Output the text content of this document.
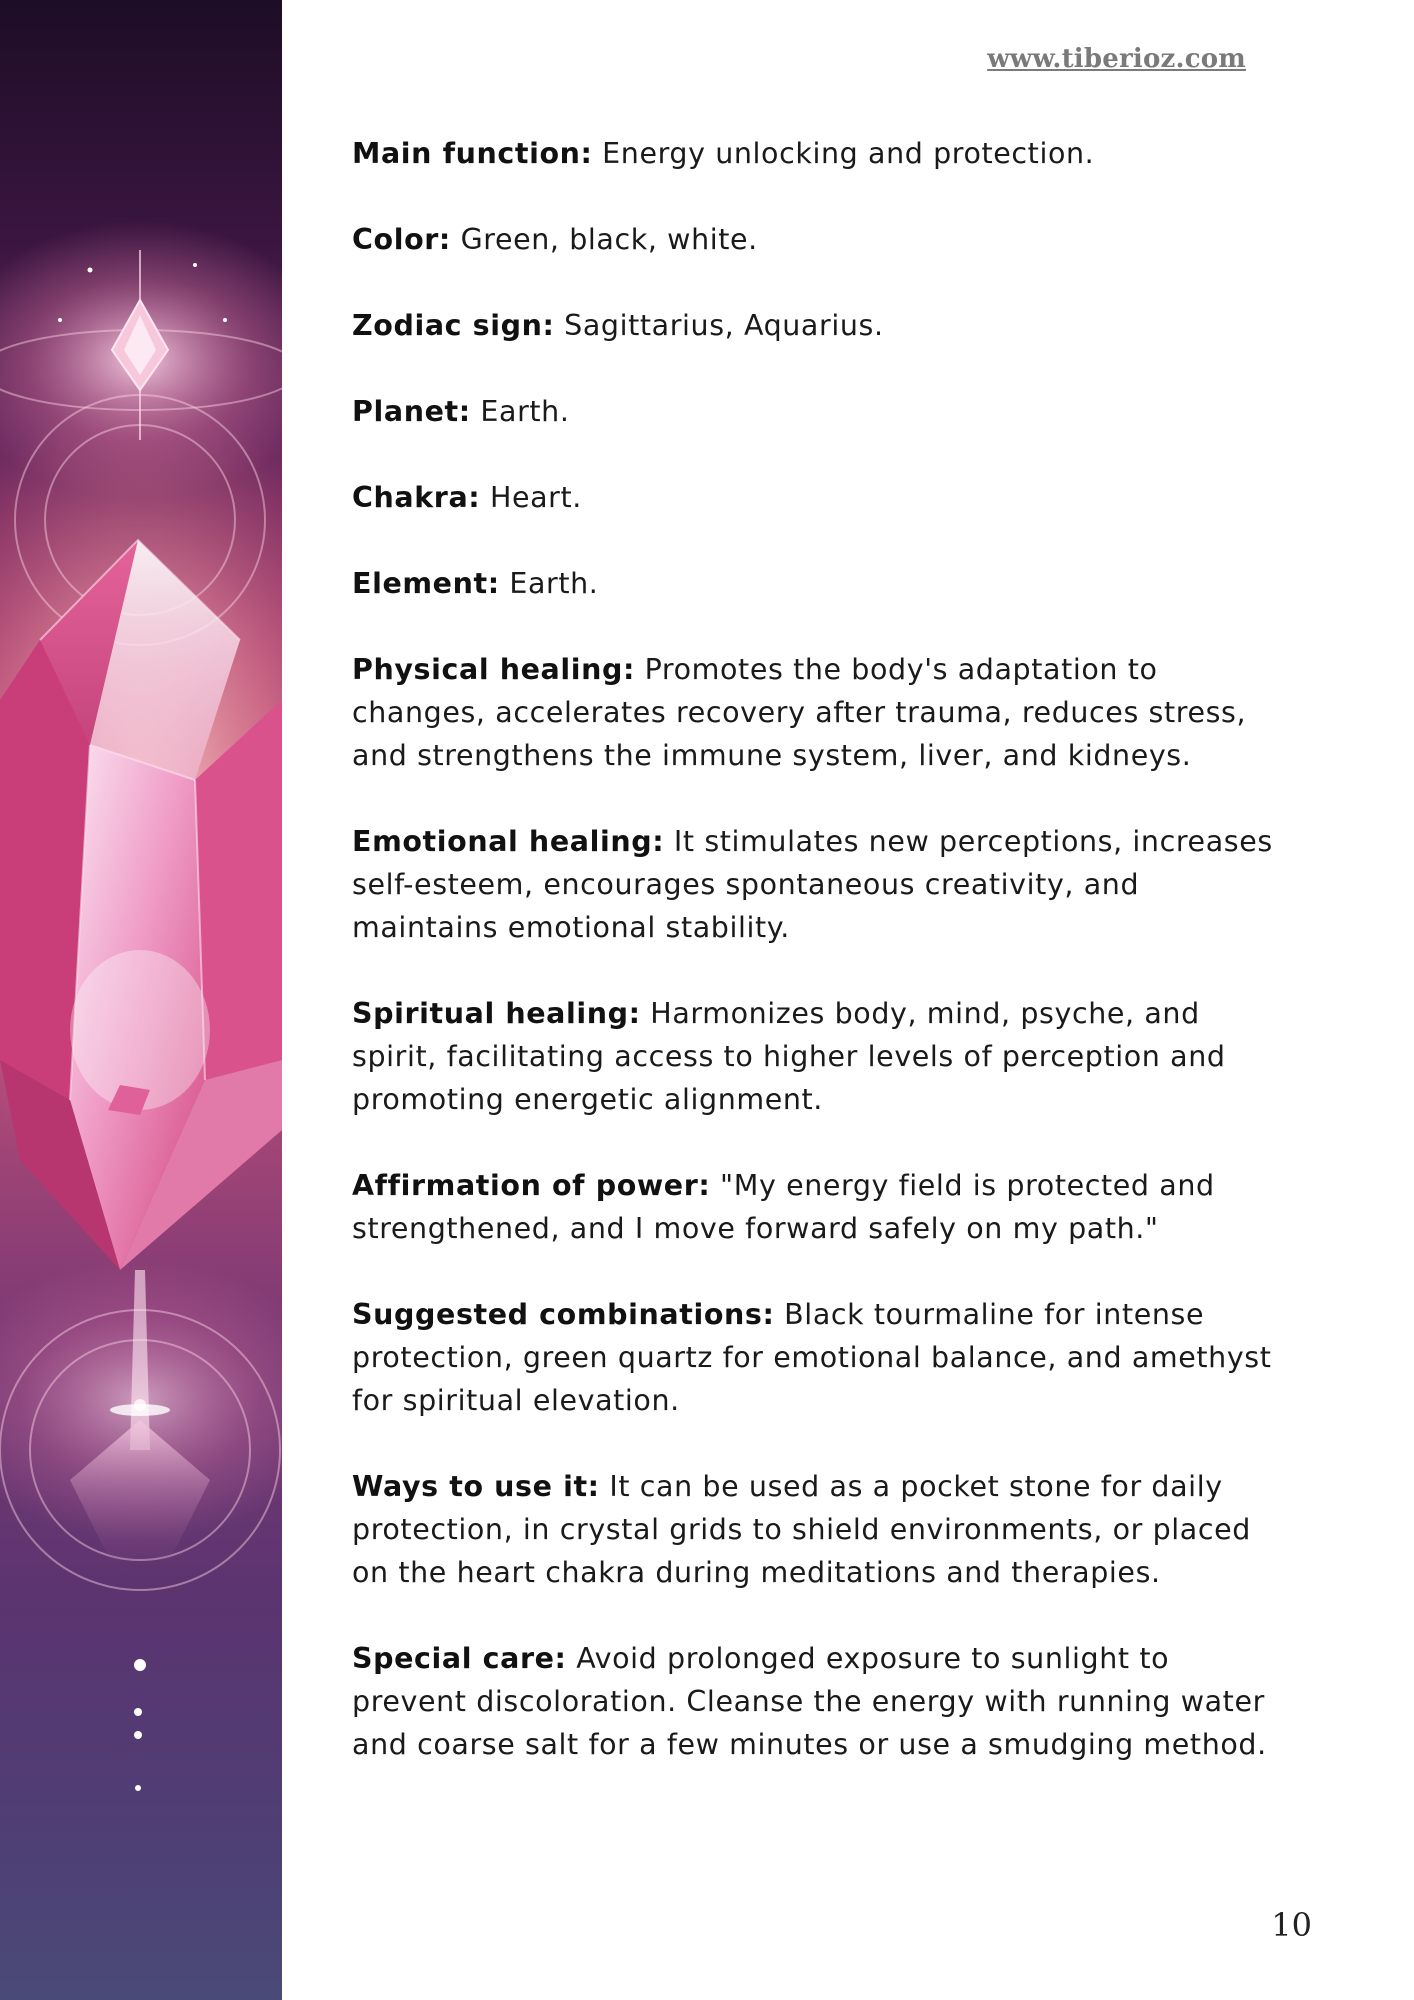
www.tiberioz.com

Main function: Energy unlocking and protection.

Color: Green, black, white.

Zodiac sign: Sagittarius, Aquarius.

Planet: Earth.

Chakra: Heart.

Element: Earth.

Physical healing: Promotes the body's adaptation to changes, accelerates recovery after trauma, reduces stress, and strengthens the immune system, liver, and kidneys.

Emotional healing: It stimulates new perceptions, increases self-esteem, encourages spontaneous creativity, and maintains emotional stability.

Spiritual healing: Harmonizes body, mind, psyche, and spirit, facilitating access to higher levels of perception and promoting energetic alignment.

Affirmation of power: "My energy field is protected and strengthened, and I move forward safely on my path."

Suggested combinations: Black tourmaline for intense protection, green quartz for emotional balance, and amethyst for spiritual elevation.

Ways to use it: It can be used as a pocket stone for daily protection, in crystal grids to shield environments, or placed on the heart chakra during meditations and therapies.

Special care: Avoid prolonged exposure to sunlight to prevent discoloration. Cleanse the energy with running water and coarse salt for a few minutes or use a smudging method.

10
